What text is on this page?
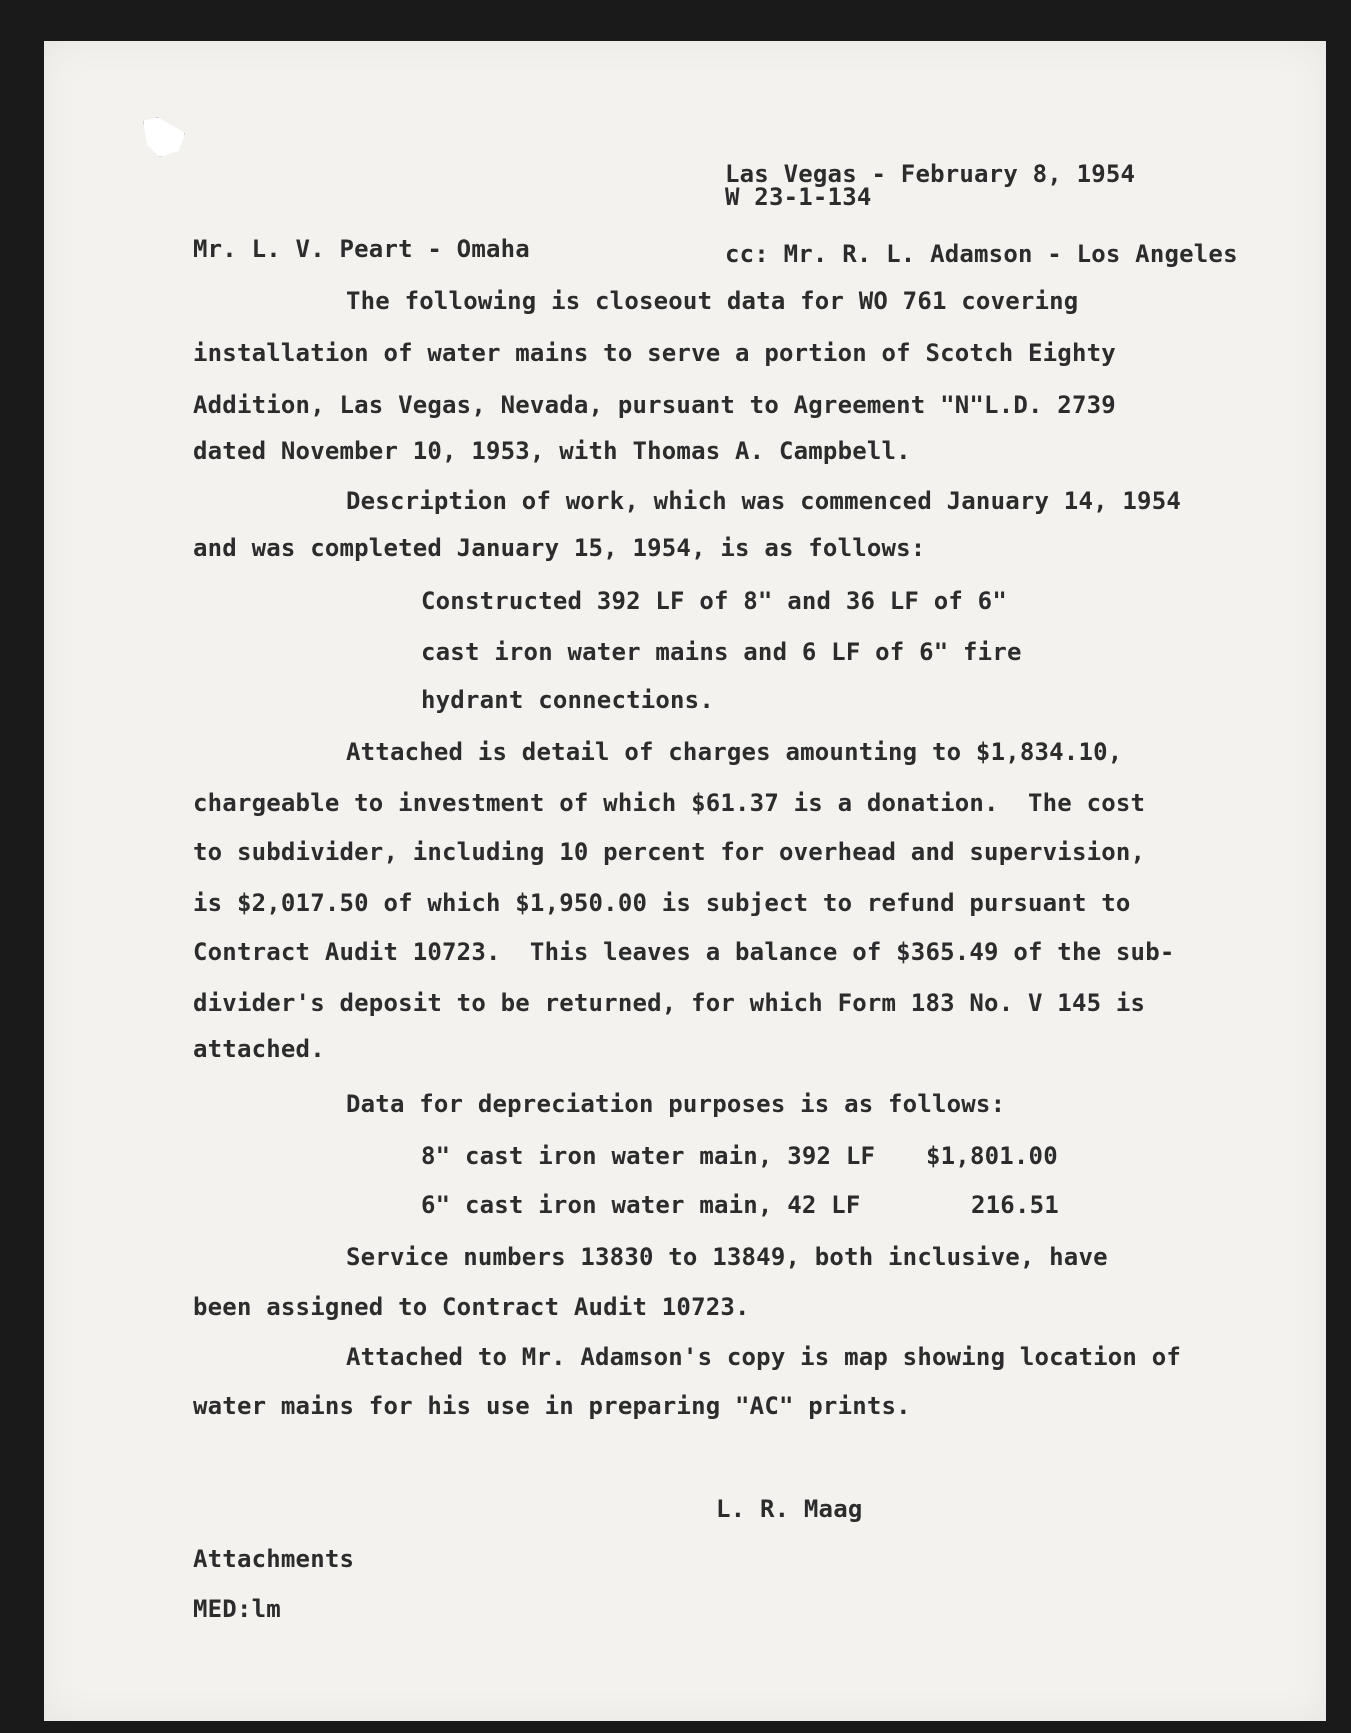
Las Vegas - February 8, 1954
W 23-1-134
Mr. L. V. Peart - Omaha	cc: Mr. R. L. Adamson - Los Angeles
The following is closeout data for WO 761 covering
installation of water mains to serve a portion of Scotch Eighty
Addition, Las Vegas, Nevada, pursuant to Agreement "N"L.D. 2739
dated November 10, 1953, with Thomas A. Campbell.
Description of work, which was commenced January 14, 1954
and was completed January 15, 1954, is as follows:
Constructed 392 LF of 8" and 36 LF of 6"
cast iron water mains and 6 LF of 6" fire
hydrant connections.
Attached is detail of charges amounting to $1,834.10,
chargeable to investment of which $61.37 is a donation.  The cost
to subdivider, including 10 percent for overhead and supervision,
is $2,017.50 of which $1,950.00 is subject to refund pursuant to
Contract Audit 10723.  This leaves a balance of $365.49 of the sub-
divider's deposit to be returned, for which Form 183 No. V 145 is
attached.
Data for depreciation purposes is as follows:
8" cast iron water main, 392 LF $1,801.00
6" cast iron water main, 42 LF	216.51
Service numbers 13830 to 13849, both inclusive, have
been assigned to Contract Audit 10723.
Attached to Mr. Adamson's copy is map showing location of
water mains for his use in preparing "AC" prints.
L. R. Maag
Attachments
MED:lm
